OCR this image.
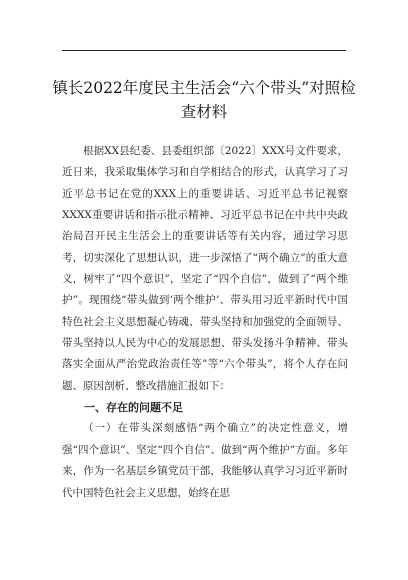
镇长2022年度民主生活会“六个带头”对照检查材料

根据XX县纪委、县委组织部〔2022〕XXX号文件要求，近日来，我采取集体学习和自学相结合的形式，认真学习了习近平总书记在党的XXX上的重要讲话、习近平总书记视察XXXX重要讲话和指示批示精神、习近平总书记在中共中央政治局召开民主生活会上的重要讲话等有关内容，通过学习思考，切实深化了思想认识，进一步深悟了“两个确立”的重大意义，树牢了“四个意识”，坚定了“四个自信”，做到了“两个维护”。现围绕“带头做到‘两个维护’、带头用习近平新时代中国特色社会主义思想凝心铸魂、带头坚持和加强党的全面领导、带头坚持以人民为中心的发展思想、带头发扬斗争精神、带头落实全面从严治党政治责任等”等“六个带头”，将个人存在问题、原因剖析、整改措施汇报如下：

一、存在的问题不足

（一）在带头深刻感悟“两个确立”的决定性意义，增强“四个意识”、坚定“四个自信”、做到“两个维护”方面。多年来，作为一名基层乡镇党员干部，我能够认真学习习近平新时代中国特色社会主义思想，始终在思
